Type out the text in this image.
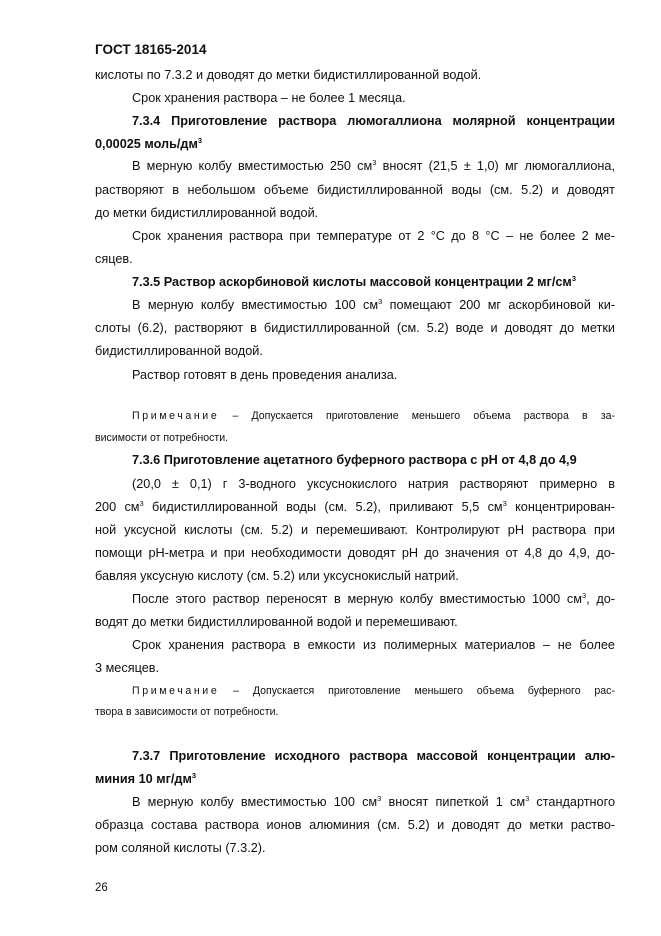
ГОСТ 18165-2014
кислоты по 7.3.2 и доводят до метки бидистиллированной водой.
Срок хранения раствора – не более 1 месяца.
7.3.4 Приготовление раствора люмогаллиона молярной концентрации
0,00025 моль/$дм^3$
В мерную колбу вместимостью 250 $см^3$ вносят (21,5 ± 1,0) мг люмогаллиона,
растворяют в небольшом объеме бидистиллированной воды (см. 5.2) и доводят
до метки бидистиллированной водой.
Срок хранения раствора при температуре от 2 °С до 8 °С – не более 2 ме-
сяцев.
7.3.5 Раствор аскорбиновой кислоты массовой концентрации 2 $мг/см^3$
В мерную колбу вместимостью 100 $см^3$ помещают 200 мг аскорбиновой ки-
слоты (6.2), растворяют в бидистиллированной (см. 5.2) воде и доводят до метки
бидистиллированной водой.
Раствор готовят в день проведения анализа.
Примечание – Допускается приготовление меньшего объема раствора в за-
висимости от потребности.
7.3.6 Приготовление ацетатного буферного раствора с рН от 4,8 до 4,9
(20,0 ± 0,1) г 3-водного уксуснокислого натрия растворяют примерно в
200 $см^3$ бидистиллированной воды (см. 5.2), приливают 5,5 $см^3$ концентрирован-
ной уксусной кислоты (см. 5.2) и перемешивают. Контролируют рН раствора при
помощи рН-метра и при необходимости доводят рН до значения от 4,8 до 4,9, до-
бавляя уксусную кислоту (см. 5.2) или уксуснокислый натрий.
После этого раствор переносят в мерную колбу вместимостью 1000 $см^3$, до-
водят до метки бидистиллированной водой и перемешивают.
Срок хранения раствора в емкости из полимерных материалов – не более
3 месяцев.
Примечание – Допускается приготовление меньшего объема буферного рас-
твора в зависимости от потребности.
7.3.7 Приготовление исходного раствора массовой концентрации алю-
миния 10 $мг/дм^3$
В мерную колбу вместимостью 100 $см^3$ вносят пипеткой 1 $см^3$ стандартного
образца состава раствора ионов алюминия (см. 5.2) и доводят до метки раство-
ром соляной кислоты (7.3.2).
26
